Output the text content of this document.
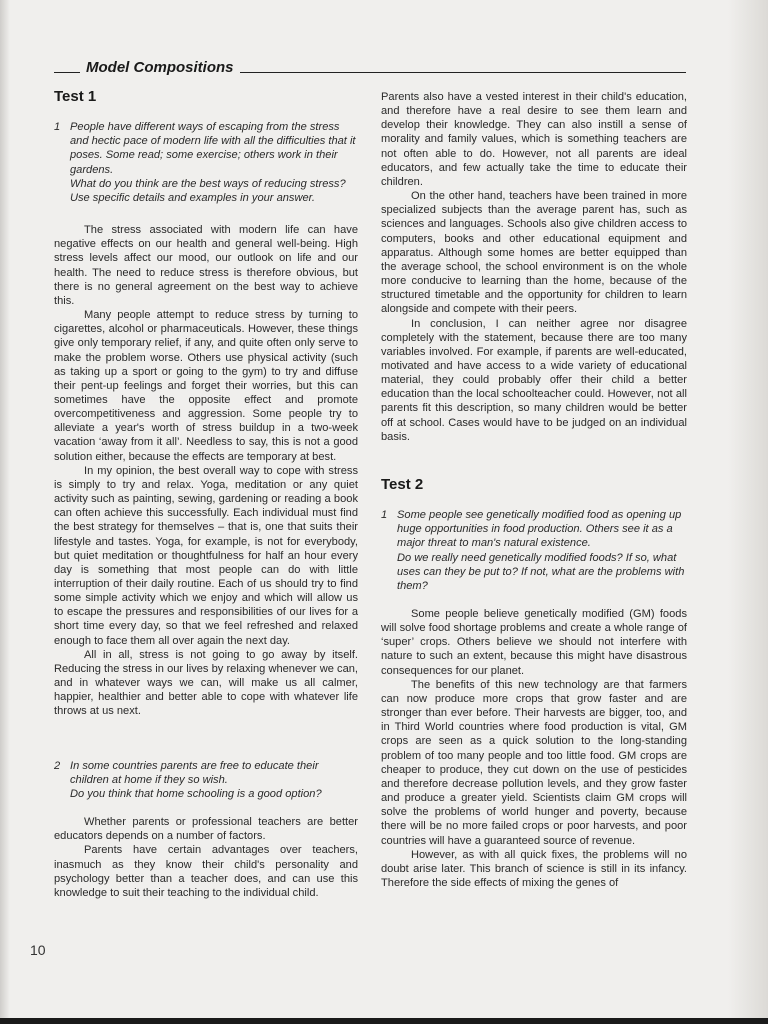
Model Compositions
Test 1
1 People have different ways of escaping from the stress and hectic pace of modern life with all the difficulties that it poses. Some read; some exercise; others work in their gardens.

What do you think are the best ways of reducing stress? Use specific details and examples in your answer.

The stress associated with modern life can have negative effects on our health and general well-being. High stress levels affect our mood, our outlook on life and our health. The need to reduce stress is therefore obvious, but there is no general agreement on the best way to achieve this.

Many people attempt to reduce stress by turning to cigarettes, alcohol or pharmaceuticals. However, these things give only temporary relief, if any, and quite often only serve to make the problem worse. Others use physical activity (such as taking up a sport or going to the gym) to try and diffuse their pent-up feelings and forget their worries, but this can sometimes have the opposite effect and promote overcompetitiveness and aggression. Some people try to alleviate a year's worth of stress buildup in a two-week vacation ‘away from it all’. Needless to say, this is not a good solution either, because the effects are temporary at best.

In my opinion, the best overall way to cope with stress is simply to try and relax. Yoga, meditation or any quiet activity such as painting, sewing, gardening or reading a book can often achieve this successfully. Each individual must find the best strategy for themselves – that is, one that suits their lifestyle and tastes. Yoga, for example, is not for everybody, but quiet meditation or thoughtfulness for half an hour every day is something that most people can do with little interruption of their daily routine. Each of us should try to find some simple activity which we enjoy and which will allow us to escape the pressures and responsibilities of our lives for a short time every day, so that we feel refreshed and relaxed enough to face them all over again the next day.

All in all, stress is not going to go away by itself. Reducing the stress in our lives by relaxing whenever we can, and in whatever ways we can, will make us all calmer, happier, healthier and better able to cope with whatever life throws at us next.

2 In some countries parents are free to educate their children at home if they so wish.

Do you think that home schooling is a good option?

Whether parents or professional teachers are better educators depends on a number of factors.

Parents have certain advantages over teachers, inasmuch as they know their child's personality and psychology better than a teacher does, and can use this knowledge to suit their teaching to the individual child.

Parents also have a vested interest in their child's education, and therefore have a real desire to see them learn and develop their knowledge. They can also instill a sense of morality and family values, which is something teachers are not often able to do. However, not all parents are ideal educators, and few actually take the time to educate their children.

On the other hand, teachers have been trained in more specialized subjects than the average parent has, such as sciences and languages. Schools also give children access to computers, books and other educational equipment and apparatus. Although some homes are better equipped than the average school, the school environment is on the whole more conducive to learning than the home, because of the structured timetable and the opportunity for children to learn alongside and compete with their peers.

In conclusion, I can neither agree nor disagree completely with the statement, because there are too many variables involved. For example, if parents are well-educated, motivated and have access to a wide variety of educational material, they could probably offer their child a better education than the local schoolteacher could. However, not all parents fit this description, so many children would be better off at school. Cases would have to be judged on an individual basis.

Test 2
1 Some people see genetically modified food as opening up huge opportunities in food production. Others see it as a major threat to man's natural existence.

Do we really need genetically modified foods? If so, what uses can they be put to? If not, what are the problems with them?

Some people believe genetically modified (GM) foods will solve food shortage problems and create a whole range of ‘super’ crops. Others believe we should not interfere with nature to such an extent, because this might have disastrous consequences for our planet.

The benefits of this new technology are that farmers can now produce more crops that grow faster and are stronger than ever before. Their harvests are bigger, too, and in Third World countries where food production is vital, GM crops are seen as a quick solution to the long-standing problem of too many people and too little food. GM crops are cheaper to produce, they cut down on the use of pesticides and therefore decrease pollution levels, and they grow faster and produce a greater yield. Scientists claim GM crops will solve the problems of world hunger and poverty, because there will be no more failed crops or poor harvests, and poor countries will have a guaranteed source of revenue.

However, as with all quick fixes, the problems will no doubt arise later. This branch of science is still in its infancy. Therefore the side effects of mixing the genes of

10
